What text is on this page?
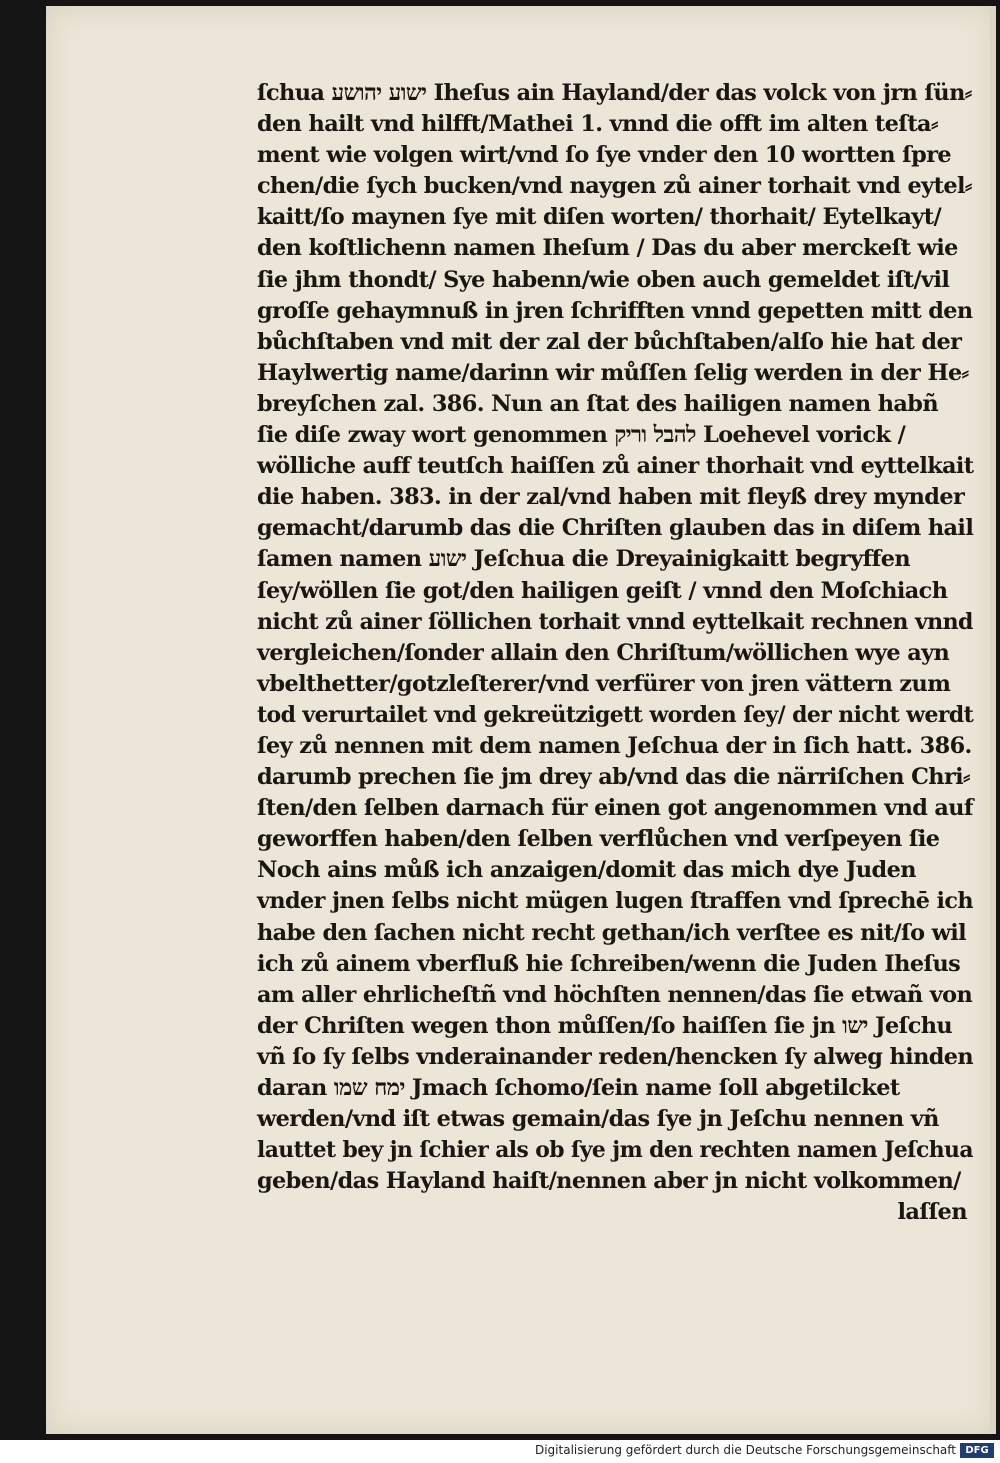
ſchua ישוע יהושע Iheſus ain Hayland/der das volck von jrn ſün⸗
den hailt vnd hilfft/Mathei 1. vnnd die offt im alten teſta⸗
ment wie volgen wirt/vnd ſo ſye vnder den 10 wortten ſpre
chen/die ſych bucken/vnd naygen zů ainer torhait vnd eytel⸗
kaitt/ſo maynen ſye mit diſen worten/ thorhait/ Eytelkayt/
den koſtlichenn namen Iheſum / Das du aber merckeſt wie
ſie jhm thondt/ Sye habenn/wie oben auch gemeldet iſt/vil
groſſe gehaymnuß in jren ſchrifften vnnd gepetten mitt den
bůchſtaben vnd mit der zal der bůchſtaben/alſo hie hat der
Haylwertig name/darinn wir můſſen ſelig werden in der He⸗
breyſchen zal. 386. Nun an ſtat des hailigen namen habñ
ſie diſe zway wort genommen להבל וריק Loehevel vorick /
wölliche auff teutſch haiſſen zů ainer thorhait vnd eyttelkait
die haben. 383. in der zal/vnd haben mit fleyß drey mynder
gemacht/darumb das die Chriſten glauben das in diſem hail
ſamen namen ישוע Jeſchua die Dreyainigkaitt begryffen
ſey/wöllen ſie got/den hailigen geiſt / vnnd den Moſchiach
nicht zů ainer ſöllichen torhait vnnd eyttelkait rechnen vnnd
vergleichen/ſonder allain den Chriſtum/wöllichen wye ayn
vbelthetter/gotzleſterer/vnd verfürer von jren vättern zum
tod verurtailet vnd gekreützigett worden ſey/ der nicht werdt
ſey zů nennen mit dem namen Jeſchua der in ſich hatt. 386.
darumb prechen ſie jm drey ab/vnd das die närriſchen Chri⸗
ſten/den ſelben darnach für einen got angenommen vnd auf
geworffen haben/den ſelben verflůchen vnd verſpeyen ſie
Noch ains můß ich anzaigen/domit das mich dye Juden
vnder jnen ſelbs nicht mügen lugen ſtraffen vnd ſprechē ich
habe den ſachen nicht recht gethan/ich verſtee es nit/ſo wil
ich zů ainem vberfluß hie ſchreiben/wenn die Juden Iheſus
am aller ehrlicheſtñ vnd höchſten nennen/das ſie etwañ von
der Chriſten wegen thon můſſen/ſo haiſſen ſie jn ישו Jeſchu
vñ ſo ſy ſelbs vnderainander reden/hencken ſy alweg hinden
daran ימח שמו Jmach ſchomo/ſein name ſoll abgetilcket
werden/vnd iſt etwas gemain/das ſye jn Jeſchu nennen vñ
lauttet bey jn ſchier als ob ſye jm den rechten namen Jeſchua
geben/das Hayland haiſt/nennen aber jn nicht volkommen/
laſſen
Digitalisierung gefördert durch die Deutsche Forschungsgemeinschaft DFG
